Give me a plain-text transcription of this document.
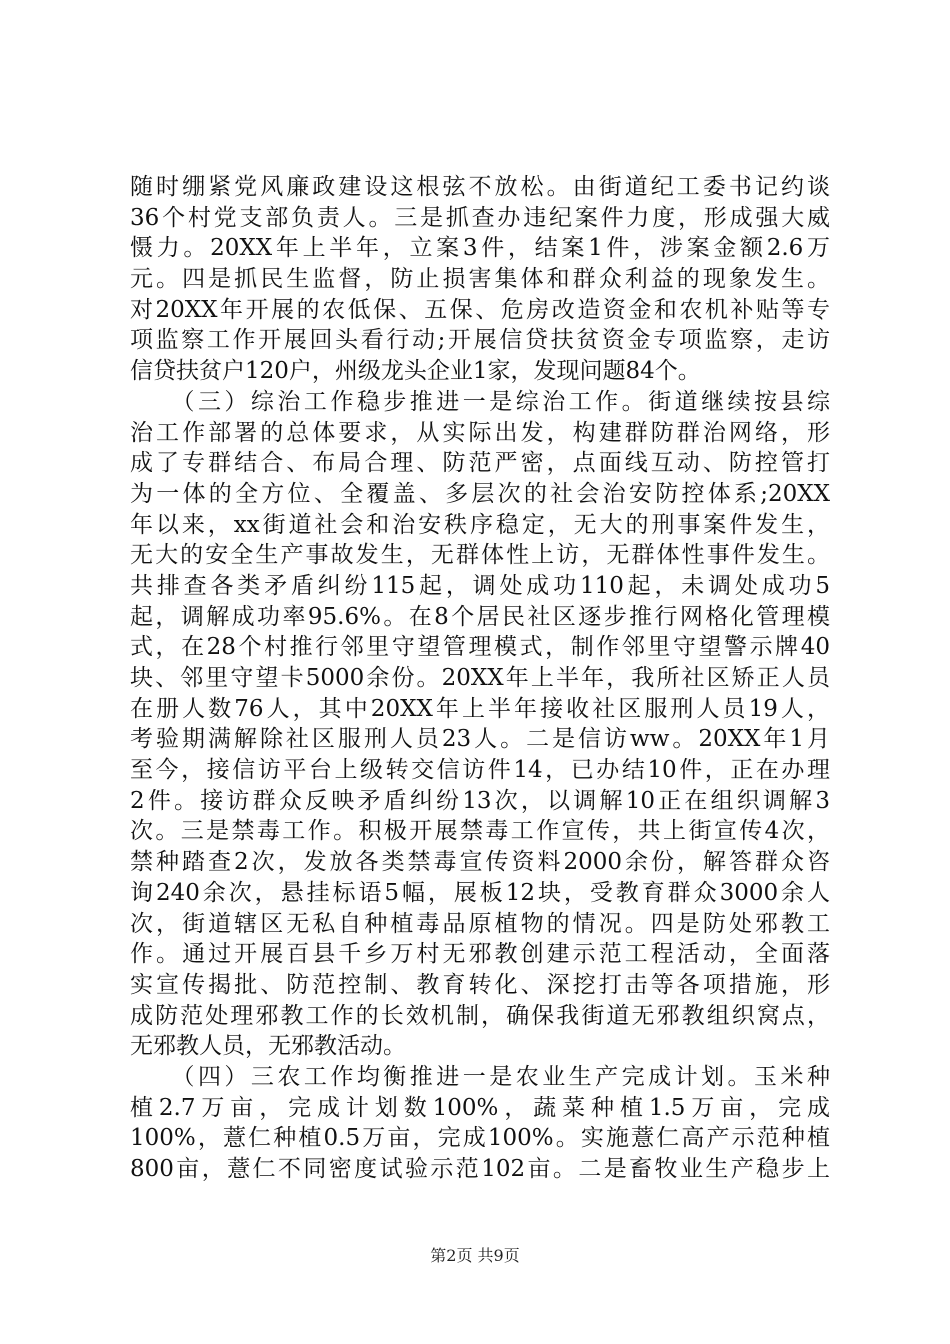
随时绷紧党风廉政建设这根弦不放松。由街道纪工委书记约谈
36个村党支部负责人。三是抓查办违纪案件力度，形成强大威
慑力。20XX年上半年，立案3件，结案1件，涉案金额2.6万
元。四是抓民生监督，防止损害集体和群众利益的现象发生。
对20XX年开展的农低保、五保、危房改造资金和农机补贴等专
项监察工作开展回头看行动;开展信贷扶贫资金专项监察，走访
信贷扶贫户120户，州级龙头企业1家，发现问题84个。
　　（三）综治工作稳步推进一是综治工作。街道继续按县综
治工作部署的总体要求，从实际出发，构建群防群治网络，形
成了专群结合、布局合理、防范严密，点面线互动、防控管打
为一体的全方位、全覆盖、多层次的社会治安防控体系;20XX
年以来，xx街道社会和治安秩序稳定，无大的刑事案件发生，
无大的安全生产事故发生，无群体性上访，无群体性事件发生。
共排查各类矛盾纠纷115起，调处成功110起，未调处成功5
起，调解成功率95.6%。在8个居民社区逐步推行网格化管理模
式，在28个村推行邻里守望管理模式，制作邻里守望警示牌40
块、邻里守望卡5000余份。20XX年上半年，我所社区矫正人员
在册人数76人，其中20XX年上半年接收社区服刑人员19人，
考验期满解除社区服刑人员23人。二是信访ww。20XX年1月
至今，接信访平台上级转交信访件14，已办结10件，正在办理
2件。接访群众反映矛盾纠纷13次，以调解10正在组织调解3
次。三是禁毒工作。积极开展禁毒工作宣传，共上街宣传4次，
禁种踏查2次，发放各类禁毒宣传资料2000余份，解答群众咨
询240余次，悬挂标语5幅，展板12块，受教育群众3000余人
次，街道辖区无私自种植毒品原植物的情况。四是防处邪教工
作。通过开展百县千乡万村无邪教创建示范工程活动，全面落
实宣传揭批、防范控制、教育转化、深挖打击等各项措施，形
成防范处理邪教工作的长效机制，确保我街道无邪教组织窝点，
无邪教人员，无邪教活动。
　　（四）三农工作均衡推进一是农业生产完成计划。玉米种
植2.7万亩，完成计划数100%，蔬菜种植1.5万亩，完成
100%，薏仁种植0.5万亩，完成100%。实施薏仁高产示范种植
800亩，薏仁不同密度试验示范102亩。二是畜牧业生产稳步上
第2页 共9页
